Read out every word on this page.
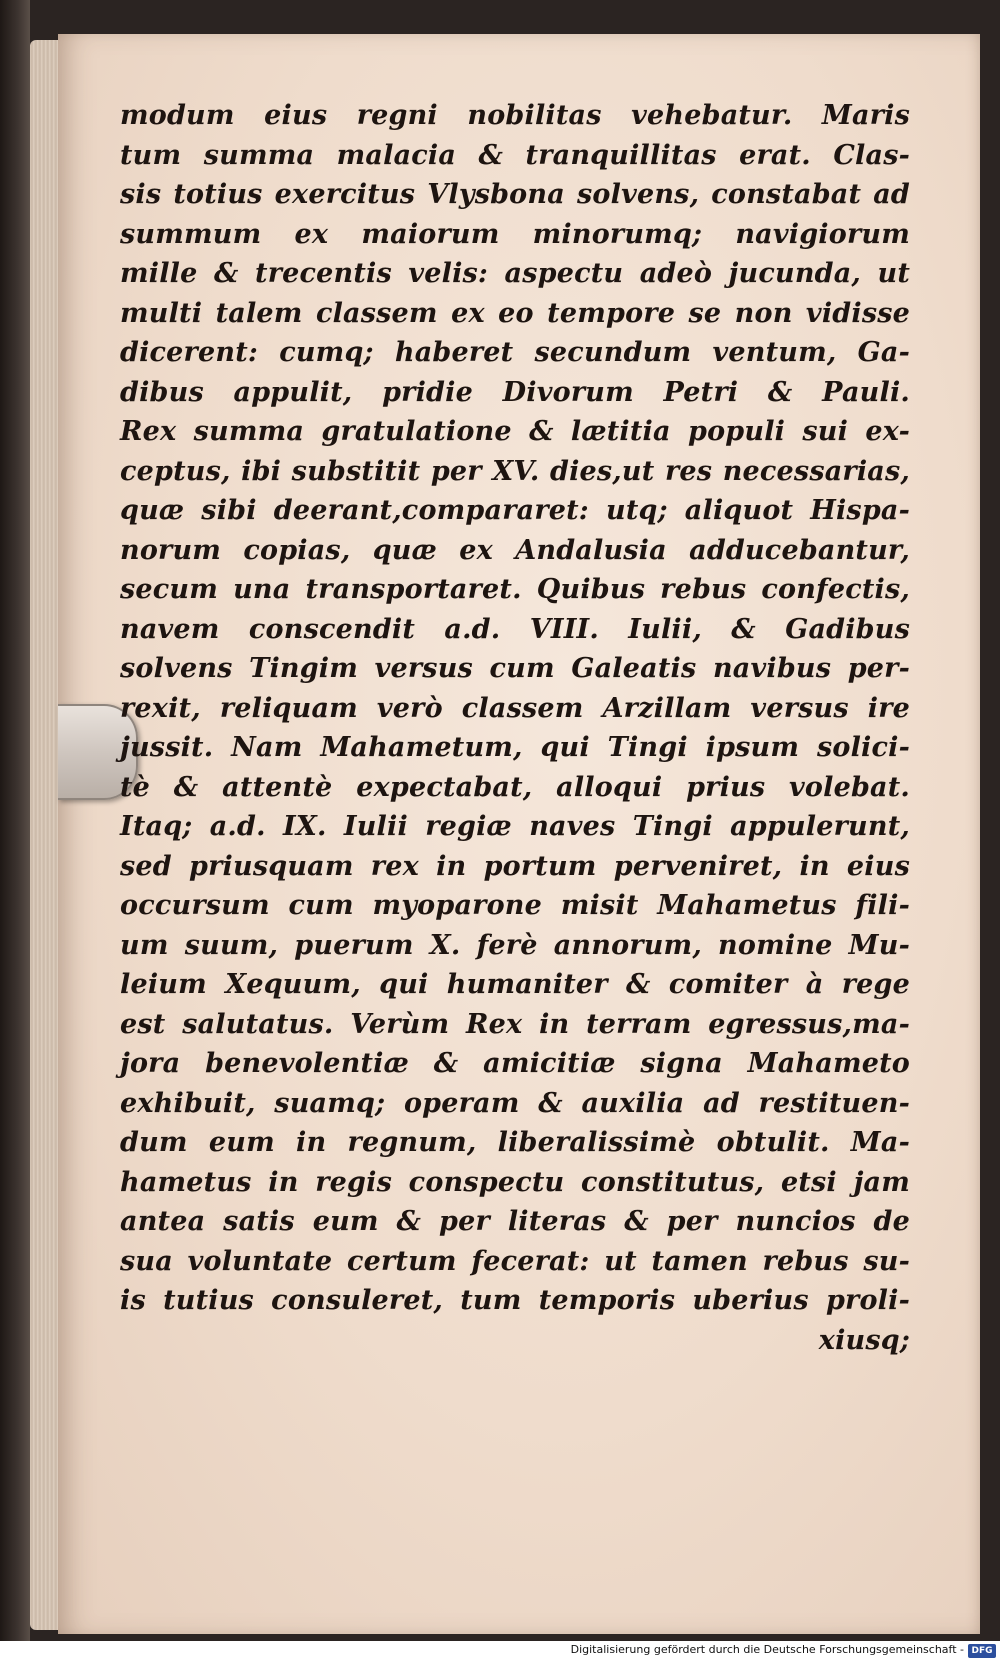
modum eius regni nobilitas vehebatur. Maris
tum summa malacia & tranquillitas erat. Clas-
sis totius exercitus Vlysbona solvens, constabat ad
summum ex maiorum minorumq; navigiorum
mille & trecentis velis: aspectu adeò jucunda, ut
multi talem classem ex eo tempore se non vidisse
dicerent: cumq; haberet secundum ventum, Ga-
dibus appulit, pridie Divorum Petri & Pauli.
Rex summa gratulatione & lætitia populi sui ex-
ceptus, ibi substitit per XV. dies,ut res necessarias,
quæ sibi deerant,compararet: utq; aliquot Hispa-
norum copias, quæ ex Andalusia adducebantur,
secum una transportaret. Quibus rebus confectis,
navem conscendit a.d. VIII. Iulii, & Gadibus
solvens Tingim versus cum Galeatis navibus per-
rexit, reliquam verò classem Arzillam versus ire
jussit. Nam Mahametum, qui Tingi ipsum solici-
tè & attentè expectabat, alloqui prius volebat.
Itaq; a.d. IX. Iulii regiæ naves Tingi appulerunt,
sed priusquam rex in portum perveniret, in eius
occursum cum myoparone misit Mahametus fili-
um suum, puerum X. ferè annorum, nomine Mu-
leium Xequum, qui humaniter & comiter à rege
est salutatus. Verùm Rex in terram egressus,ma-
jora benevolentiæ & amicitiæ signa Mahameto
exhibuit, suamq; operam & auxilia ad restituen-
dum eum in regnum, liberalissimè obtulit. Ma-
hametus in regis conspectu constitutus, etsi jam
antea satis eum & per literas & per nuncios de
sua voluntate certum fecerat: ut tamen rebus su-
is tutius consuleret, tum temporis uberius proli-
xiusq;
Digitalisierung gefördert durch die Deutsche Forschungsgemeinschaft - DFG
